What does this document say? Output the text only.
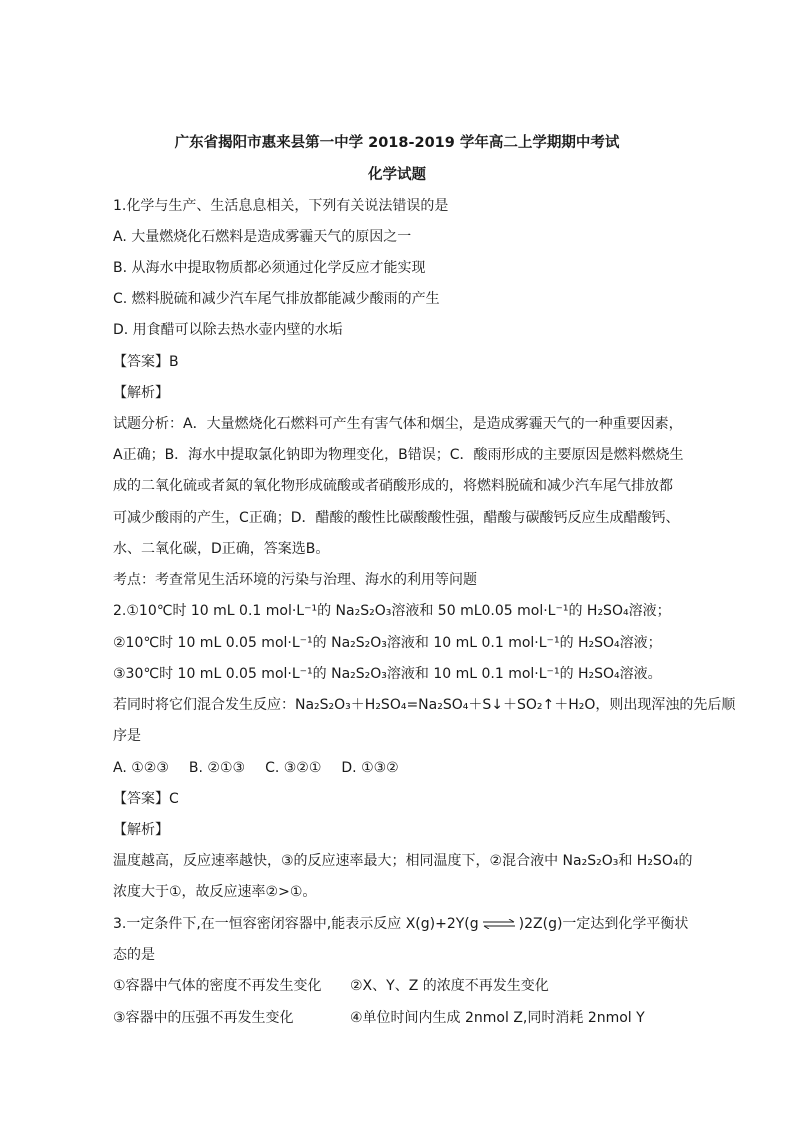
广东省揭阳市惠来县第一中学 2018-2019 学年高二上学期期中考试
化学试题
1.化学与生产、生活息息相关，下列有关说法错误的是
A. 大量燃烧化石燃料是造成雾霾天气的原因之一
B. 从海水中提取物质都必须通过化学反应才能实现
C. 燃料脱硫和减少汽车尾气排放都能减少酸雨的产生
D. 用食醋可以除去热水壶内壁的水垢
【答案】B
【解析】
试题分析：A．大量燃烧化石燃料可产生有害气体和烟尘，是造成雾霾天气的一种重要因素，
A正确；B．海水中提取氯化钠即为物理变化，B错误；C．酸雨形成的主要原因是燃料燃烧生
成的二氧化硫或者氮的氧化物形成硫酸或者硝酸形成的，将燃料脱硫和减少汽车尾气排放都
可减少酸雨的产生，C正确；D．醋酸的酸性比碳酸酸性强，醋酸与碳酸钙反应生成醋酸钙、
水、二氧化碳，D正确，答案选B。
考点：考查常见生活环境的污染与治理、海水的利用等问题
2.①10℃时 10 mL 0.1 mol·L⁻¹的 Na₂S₂O₃溶液和 50 mL0.05 mol·L⁻¹的 H₂SO₄溶液；
②10℃时 10 mL 0.05 mol·L⁻¹的 Na₂S₂O₃溶液和 10 mL 0.1 mol·L⁻¹的 H₂SO₄溶液；
③30℃时 10 mL 0.05 mol·L⁻¹的 Na₂S₂O₃溶液和 10 mL 0.1 mol·L⁻¹的 H₂SO₄溶液。
若同时将它们混合发生反应：Na₂S₂O₃＋H₂SO₄=Na₂SO₄＋S↓＋SO₂↑＋H₂O，则出现浑浊的先后顺
序是
A. ①②③ B. ②①③ C. ③②① D. ①③②
【答案】C
【解析】
温度越高，反应速率越快，③的反应速率最大；相同温度下，②混合液中 Na₂S₂O₃和 H₂SO₄的
浓度大于①，故反应速率②>①。
3.一定条件下,在一恒容密闭容器中,能表示反应 X(g)+2Y(g ⇌ )2Z(g)一定达到化学平衡状
态的是
①容器中气体的密度不再发生变化 ②X、Y、Z 的浓度不再发生变化
③容器中的压强不再发生变化	④单位时间内生成 2nmol Z,同时消耗 2nmol Y
